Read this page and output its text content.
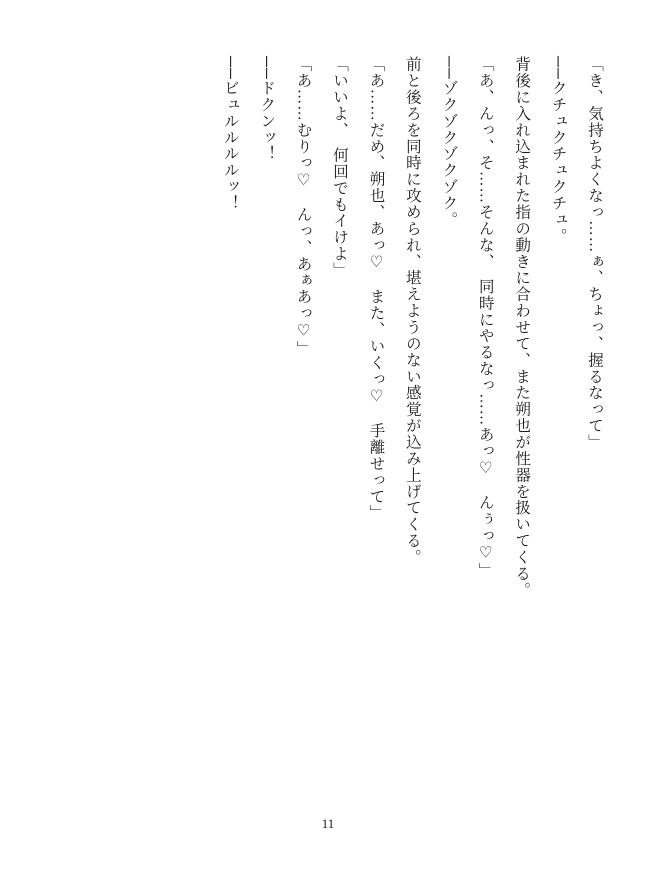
「き、気持ちよくなっ……ぁ、ちょっ、握るなって」
──クチュクチュクチュ。
背後に入れ込まれた指の動きに合わせて、また朔也が性器を扱いてくる。
「あ、んっ、そ……そんな、　同時にやるなっ……あっ♡　んぅっ♡」
──ゾクゾクゾクゾク。
前と後ろを同時に攻められ、堪えようのない感覚が込み上げてくる。
「あ……だめ、朔也、あっ♡　また、いくっ♡　手離せって」
「いいよ、　何回でもイけよ」
「あ……むりっ♡　んっ、あぁあっ♡」
──ドクンッ！
──ビュルルルルッ！
11
